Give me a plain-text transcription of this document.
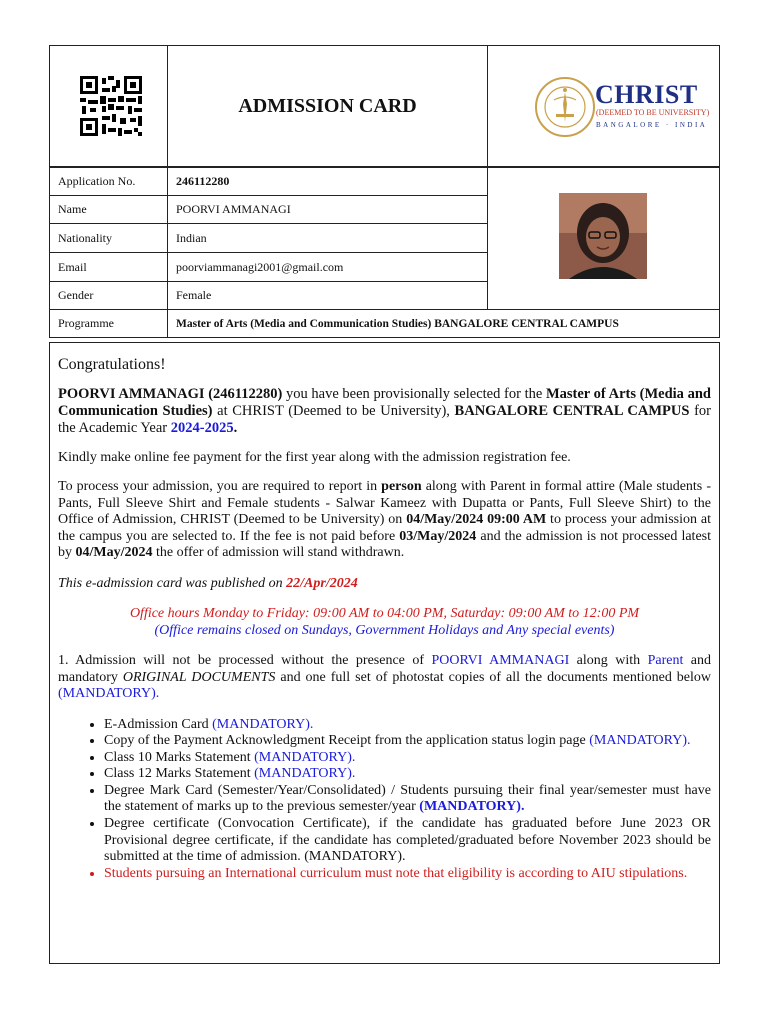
ADMISSION CARD	CHRIST
(DEEMED TO BE UNIVERSITY)
BANGALORE · INDIA
Application No.	246112280
Name	POORVI AMMANAGI
Nationality	Indian
Email	poorviammanagi2001@gmail.com
Gender	Female
Programme	Master of Arts (Media and Communication Studies) BANGALORE CENTRAL CAMPUS

Congratulations!

POORVI AMMANAGI (246112280) you have been provisionally selected for the Master of Arts (Media and Communication Studies) at CHRIST (Deemed to be University), BANGALORE CENTRAL CAMPUS for the Academic Year 2024-2025.

Kindly make online fee payment for the first year along with the admission registration fee.

To process your admission, you are required to report in person along with Parent in formal attire (Male students - Pants, Full Sleeve Shirt and Female students - Salwar Kameez with Dupatta or Pants, Full Sleeve Shirt) to the Office of Admission, CHRIST (Deemed to be University) on 04/May/2024 09:00 AM to process your admission at the campus you are selected to. If the fee is not paid before 03/May/2024 and the admission is not processed latest by 04/May/2024 the offer of admission will stand withdrawn.

This e-admission card was published on 22/Apr/2024

Office hours Monday to Friday: 09:00 AM to 04:00 PM, Saturday: 09:00 AM to 12:00 PM

(Office remains closed on Sundays, Government Holidays and Any special events)

1. Admission will not be processed without the presence of POORVI AMMANAGI along with Parent and mandatory ORIGINAL DOCUMENTS and one full set of photostat copies of all the documents mentioned below (MANDATORY).

• E-Admission Card (MANDATORY).
• Copy of the Payment Acknowledgment Receipt from the application status login page (MANDATORY).
• Class 10 Marks Statement (MANDATORY).
• Class 12 Marks Statement (MANDATORY).
• Degree Mark Card (Semester/Year/Consolidated) / Students pursuing their final year/semester must have the statement of marks up to the previous semester/year (MANDATORY).
• Degree certificate (Convocation Certificate), if the candidate has graduated before June 2023 OR Provisional degree certificate, if the candidate has completed/graduated before November 2023 should be submitted at the time of admission. (MANDATORY).
• Students pursuing an International curriculum must note that eligibility is according to AIU stipulations.
